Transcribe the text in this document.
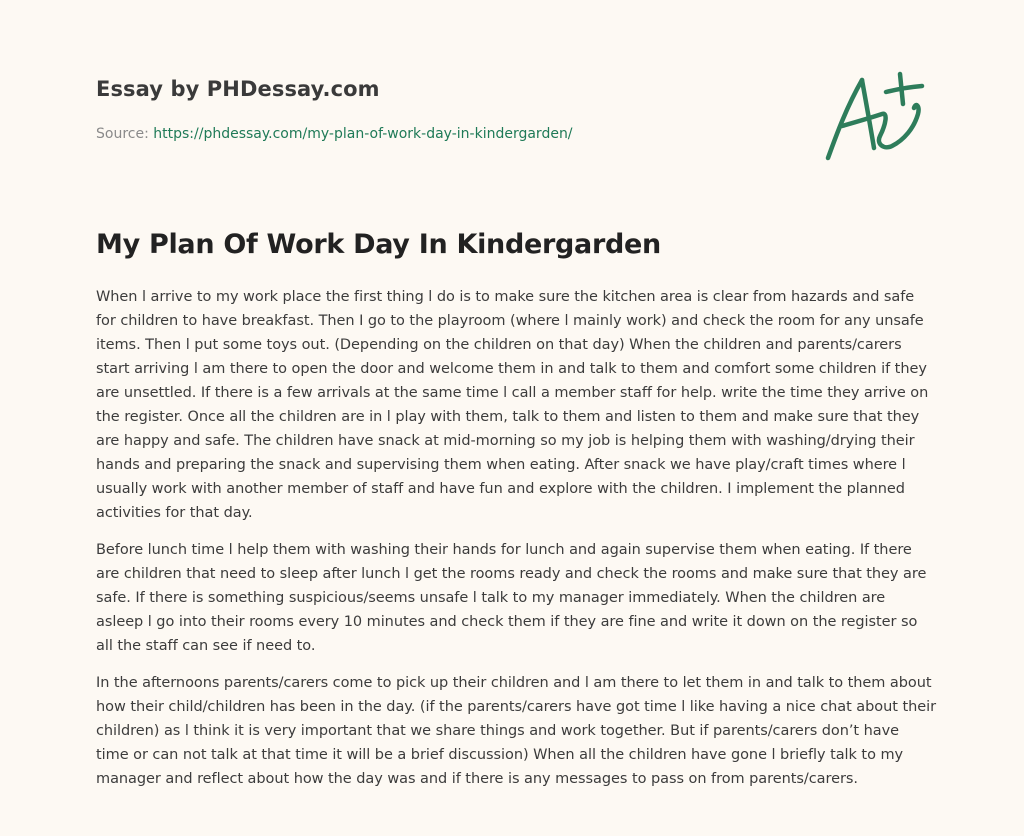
Essay by PHDessay.com
Source: https://phdessay.com/my-plan-of-work-day-in-kindergarden/
My Plan Of Work Day In Kindergarden

When l arrive to my work place the first thing l do is to make sure the kitchen area is clear from hazards and safe for children to have breakfast. Then I go to the playroom (where l mainly work) and check the room for any unsafe items. Then l put some toys out. (Depending on the children on that day) When the children and parents/carers start arriving l am there to open the door and welcome them in and talk to them and comfort some children if they are unsettled. If there is a few arrivals at the same time l call a member staff for help. write the time they arrive on the register. Once all the children are in l play with them, talk to them and listen to them and make sure that they are happy and safe. The children have snack at mid-morning so my job is helping them with washing/drying their hands and preparing the snack and supervising them when eating. After snack we have play/craft times where l usually work with another member of staff and have fun and explore with the children. I implement the planned activities for that day.

Before lunch time l help them with washing their hands for lunch and again supervise them when eating. If there are children that need to sleep after lunch l get the rooms ready and check the rooms and make sure that they are safe. If there is something suspicious/seems unsafe l talk to my manager immediately. When the children are asleep l go into their rooms every 10 minutes and check them if they are fine and write it down on the register so all the staff can see if need to.

In the afternoons parents/carers come to pick up their children and l am there to let them in and talk to them about how their child/children has been in the day. (if the parents/carers have got time l like having a nice chat about their children) as l think it is very important that we share things and work together. But if parents/carers don’t have time or can not talk at that time it will be a brief discussion) When all the children have gone l briefly talk to my manager and reflect about how the day was and if there is any messages to pass on from parents/carers.
